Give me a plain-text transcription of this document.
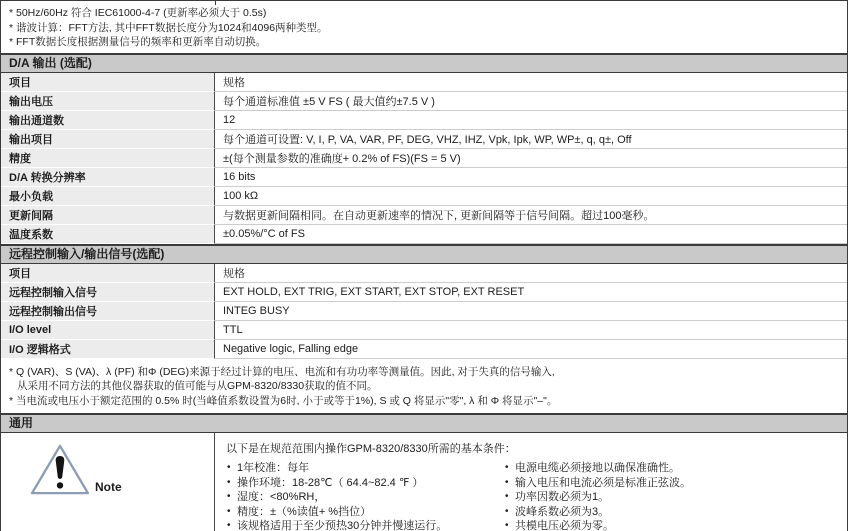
* 50Hz/60Hz 符合 IEC61000-4-7 (更新率必须大于 0.5s)
* 谐波计算：FFT方法, 其中FFT数据长度分为1024和4096两种类型。
* FFT数据长度根据测量信号的频率和更新率自动切换。
D/A 输出 (选配)
项目	规格
输出电压	每个通道标准值 ±5 V FS ( 最大值约±7.5 V )
输出通道数	12
输出项目	每个通道可设置: V, I, P, VA, VAR, PF, DEG, VHZ, IHZ, Vpk, Ipk, WP, WP±, q, q±, Off
精度	±(每个测量参数的准确度+ 0.2% of FS)(FS = 5 V)
D/A 转换分辨率	16 bits
最小负载	100 kΩ
更新间隔	与数据更新间隔相同。在自动更新速率的情况下, 更新间隔等于信号间隔。超过100毫秒。
温度系数	±0.05%/°C of FS
远程控制输入/输出信号(选配)
项目	规格
远程控制输入信号	EXT HOLD, EXT TRIG, EXT START, EXT STOP, EXT RESET
远程控制输出信号	INTEG BUSY
I/O level	TTL
I/O 逻辑格式	Negative logic, Falling edge
* Q (VAR)、S (VA)、λ (PF) 和Φ (DEG)来源于经过计算的电压、电流和有功功率等测量值。因此, 对于失真的信号输入,
从采用不同方法的其他仪器获取的值可能与从GPM-8320/8330获取的值不同。
* 当电流或电压小于额定范围的 0.5% 时(当峰值系数设置为6时, 小于或等于1%), S 或 Q 将显示"零", λ 和 Φ 将显示"–"。
通用
Note
以下是在规范范围内操作GPM-8320/8330所需的基本条件：
• 1年校准：每年
• 操作环境：18-28℃（ 64.4~82.4 ℉ ）
• 湿度：<80%RH，
• 精度：±（%读值+ %挡位）
• 该规格适用于至少预热30分钟并慢速运行。
• 电源电缆必须接地以确保准确性。
• 输入电压和电流必须是标准正弦波。
• 功率因数必须为1。
• 波峰系数必须为3。
• 共模电压必须为零。
